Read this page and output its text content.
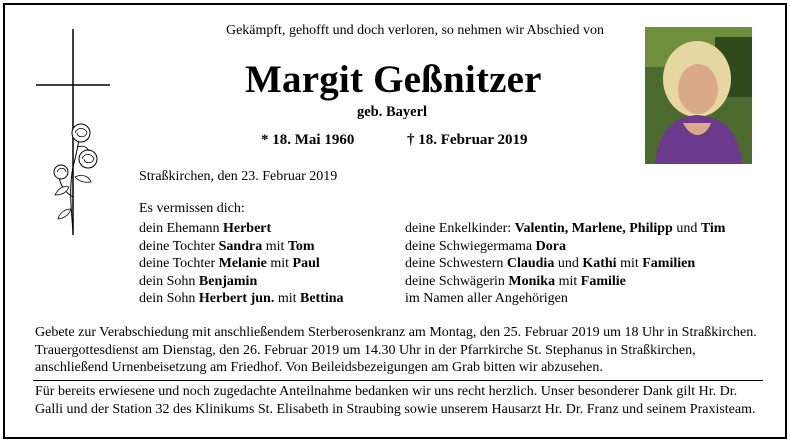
Gekämpft, gehofft und doch verloren, so nehmen wir Abschied von
Margit Geßnitzer
geb. Bayerl
* 18. Mai 1960	† 18. Februar 2019
Straßkirchen, den 23. Februar 2019
Es vermissen dich:
dein Ehemann Herbert
deine Tochter Sandra mit Tom
deine Tochter Melanie mit Paul
dein Sohn Benjamin
dein Sohn Herbert jun. mit Bettina
deine Enkelkinder: Valentin, Marlene, Philipp und Tim
deine Schwiegermama Dora
deine Schwestern Claudia und Kathi mit Familien
deine Schwägerin Monika mit Familie
im Namen aller Angehörigen
Gebete zur Verabschiedung mit anschließendem Sterberosenkranz am Montag, den 25. Februar 2019 um 18 Uhr in Straßkirchen. Trauergottesdienst am Dienstag, den 26. Februar 2019 um 14.30 Uhr in der Pfarrkirche St. Stephanus in Straßkirchen, anschließend Urnenbeisetzung am Friedhof. Von Beileidsbezeigungen am Grab bitten wir abzusehen.
Für bereits erwiesene und noch zugedachte Anteilnahme bedanken wir uns recht herzlich. Unser besonderer Dank gilt Hr. Dr. Galli und der Station 32 des Klinikums St. Elisabeth in Straubing sowie unserem Hausarzt Hr. Dr. Franz und seinem Praxisteam.
